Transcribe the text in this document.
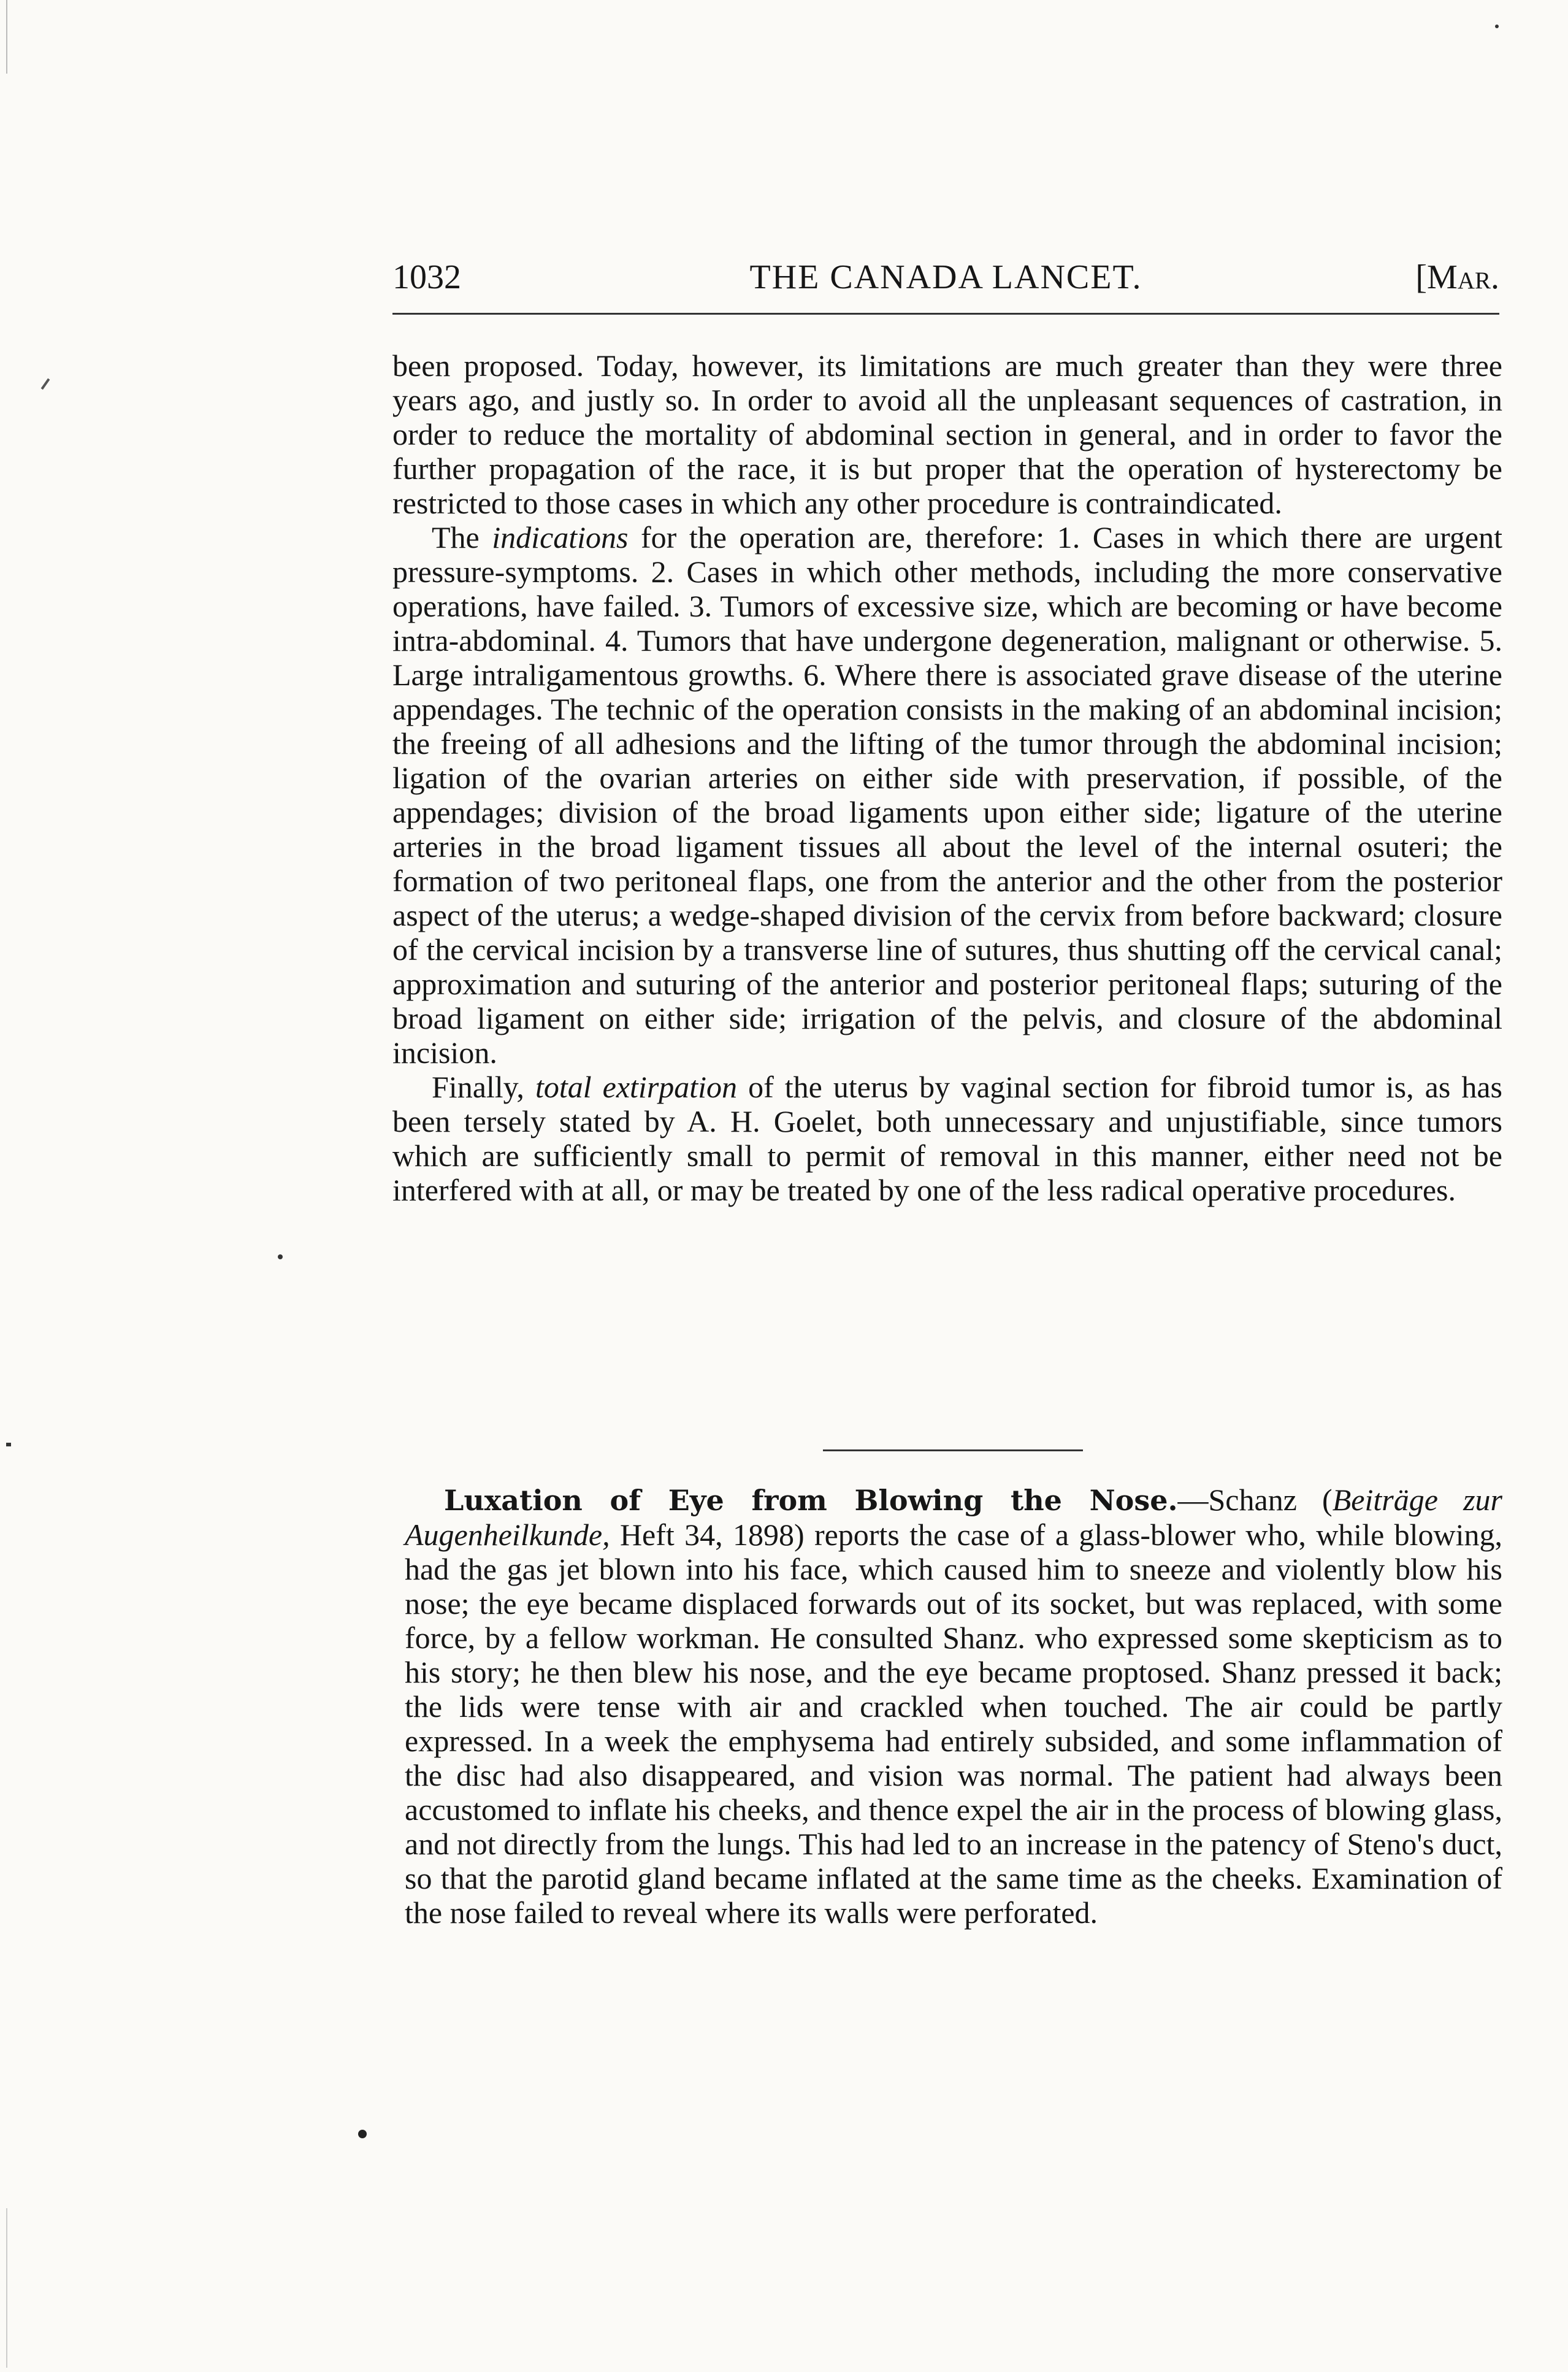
1032	THE CANADA LANCET.	[Mar.

been proposed. Today, however, its limitations are much greater than they were three years ago, and justly so. In order to avoid all the unpleasant sequences of castration, in order to reduce the mortality of abdominal section in general, and in order to favor the further propagation of the race, it is but proper that the operation of hysterectomy be restricted to those cases in which any other procedure is contraindicated.

The indications for the operation are, therefore: 1. Cases in which there are urgent pressure-symptoms. 2. Cases in which other methods, including the more conservative operations, have failed. 3. Tumors of excessive size, which are becoming or have become intra-abdominal. 4. Tumors that have undergone degeneration, malignant or otherwise. 5. Large intraligamentous growths. 6. Where there is associated grave disease of the uterine appendages. The technic of the operation consists in the making of an abdominal incision; the freeing of all adhesions and the lifting of the tumor through the abdominal incision; ligation of the ovarian arteries on either side with preservation, if possible, of the appendages; division of the broad ligaments upon either side; ligature of the uterine arteries in the broad ligament tissues all about the level of the internal osuteri; the formation of two peritoneal flaps, one from the anterior and the other from the posterior aspect of the uterus; a wedge-shaped division of the cervix from before backward; closure of the cervical incision by a transverse line of sutures, thus shutting off the cervical canal; approximation and suturing of the anterior and posterior peritoneal flaps; suturing of the broad ligament on either side; irrigation of the pelvis, and closure of the abdominal incision.

Finally, total extirpation of the uterus by vaginal section for fibroid tumor is, as has been tersely stated by A. H. Goelet, both unnecessary and unjustifiable, since tumors which are sufficiently small to permit of removal in this manner, either need not be interfered with at all, or may be treated by one of the less radical operative procedures.

Luxation of Eye from Blowing the Nose.—Schanz (Beiträge zur Augenheilkunde, Heft 34, 1898) reports the case of a glass-blower who, while blowing, had the gas jet blown into his face, which caused him to sneeze and violently blow his nose; the eye became displaced forwards out of its socket, but was replaced, with some force, by a fellow workman. He consulted Shanz. who expressed some skepticism as to his story; he then blew his nose, and the eye became proptosed. Shanz pressed it back; the lids were tense with air and crackled when touched. The air could be partly expressed. In a week the emphysema had entirely subsided, and some inflammation of the disc had also disappeared, and vision was normal. The patient had always been accustomed to inflate his cheeks, and thence expel the air in the process of blowing glass, and not directly from the lungs. This had led to an increase in the patency of Steno's duct, so that the parotid gland became inflated at the same time as the cheeks. Examination of the nose failed to reveal where its walls were perforated.
